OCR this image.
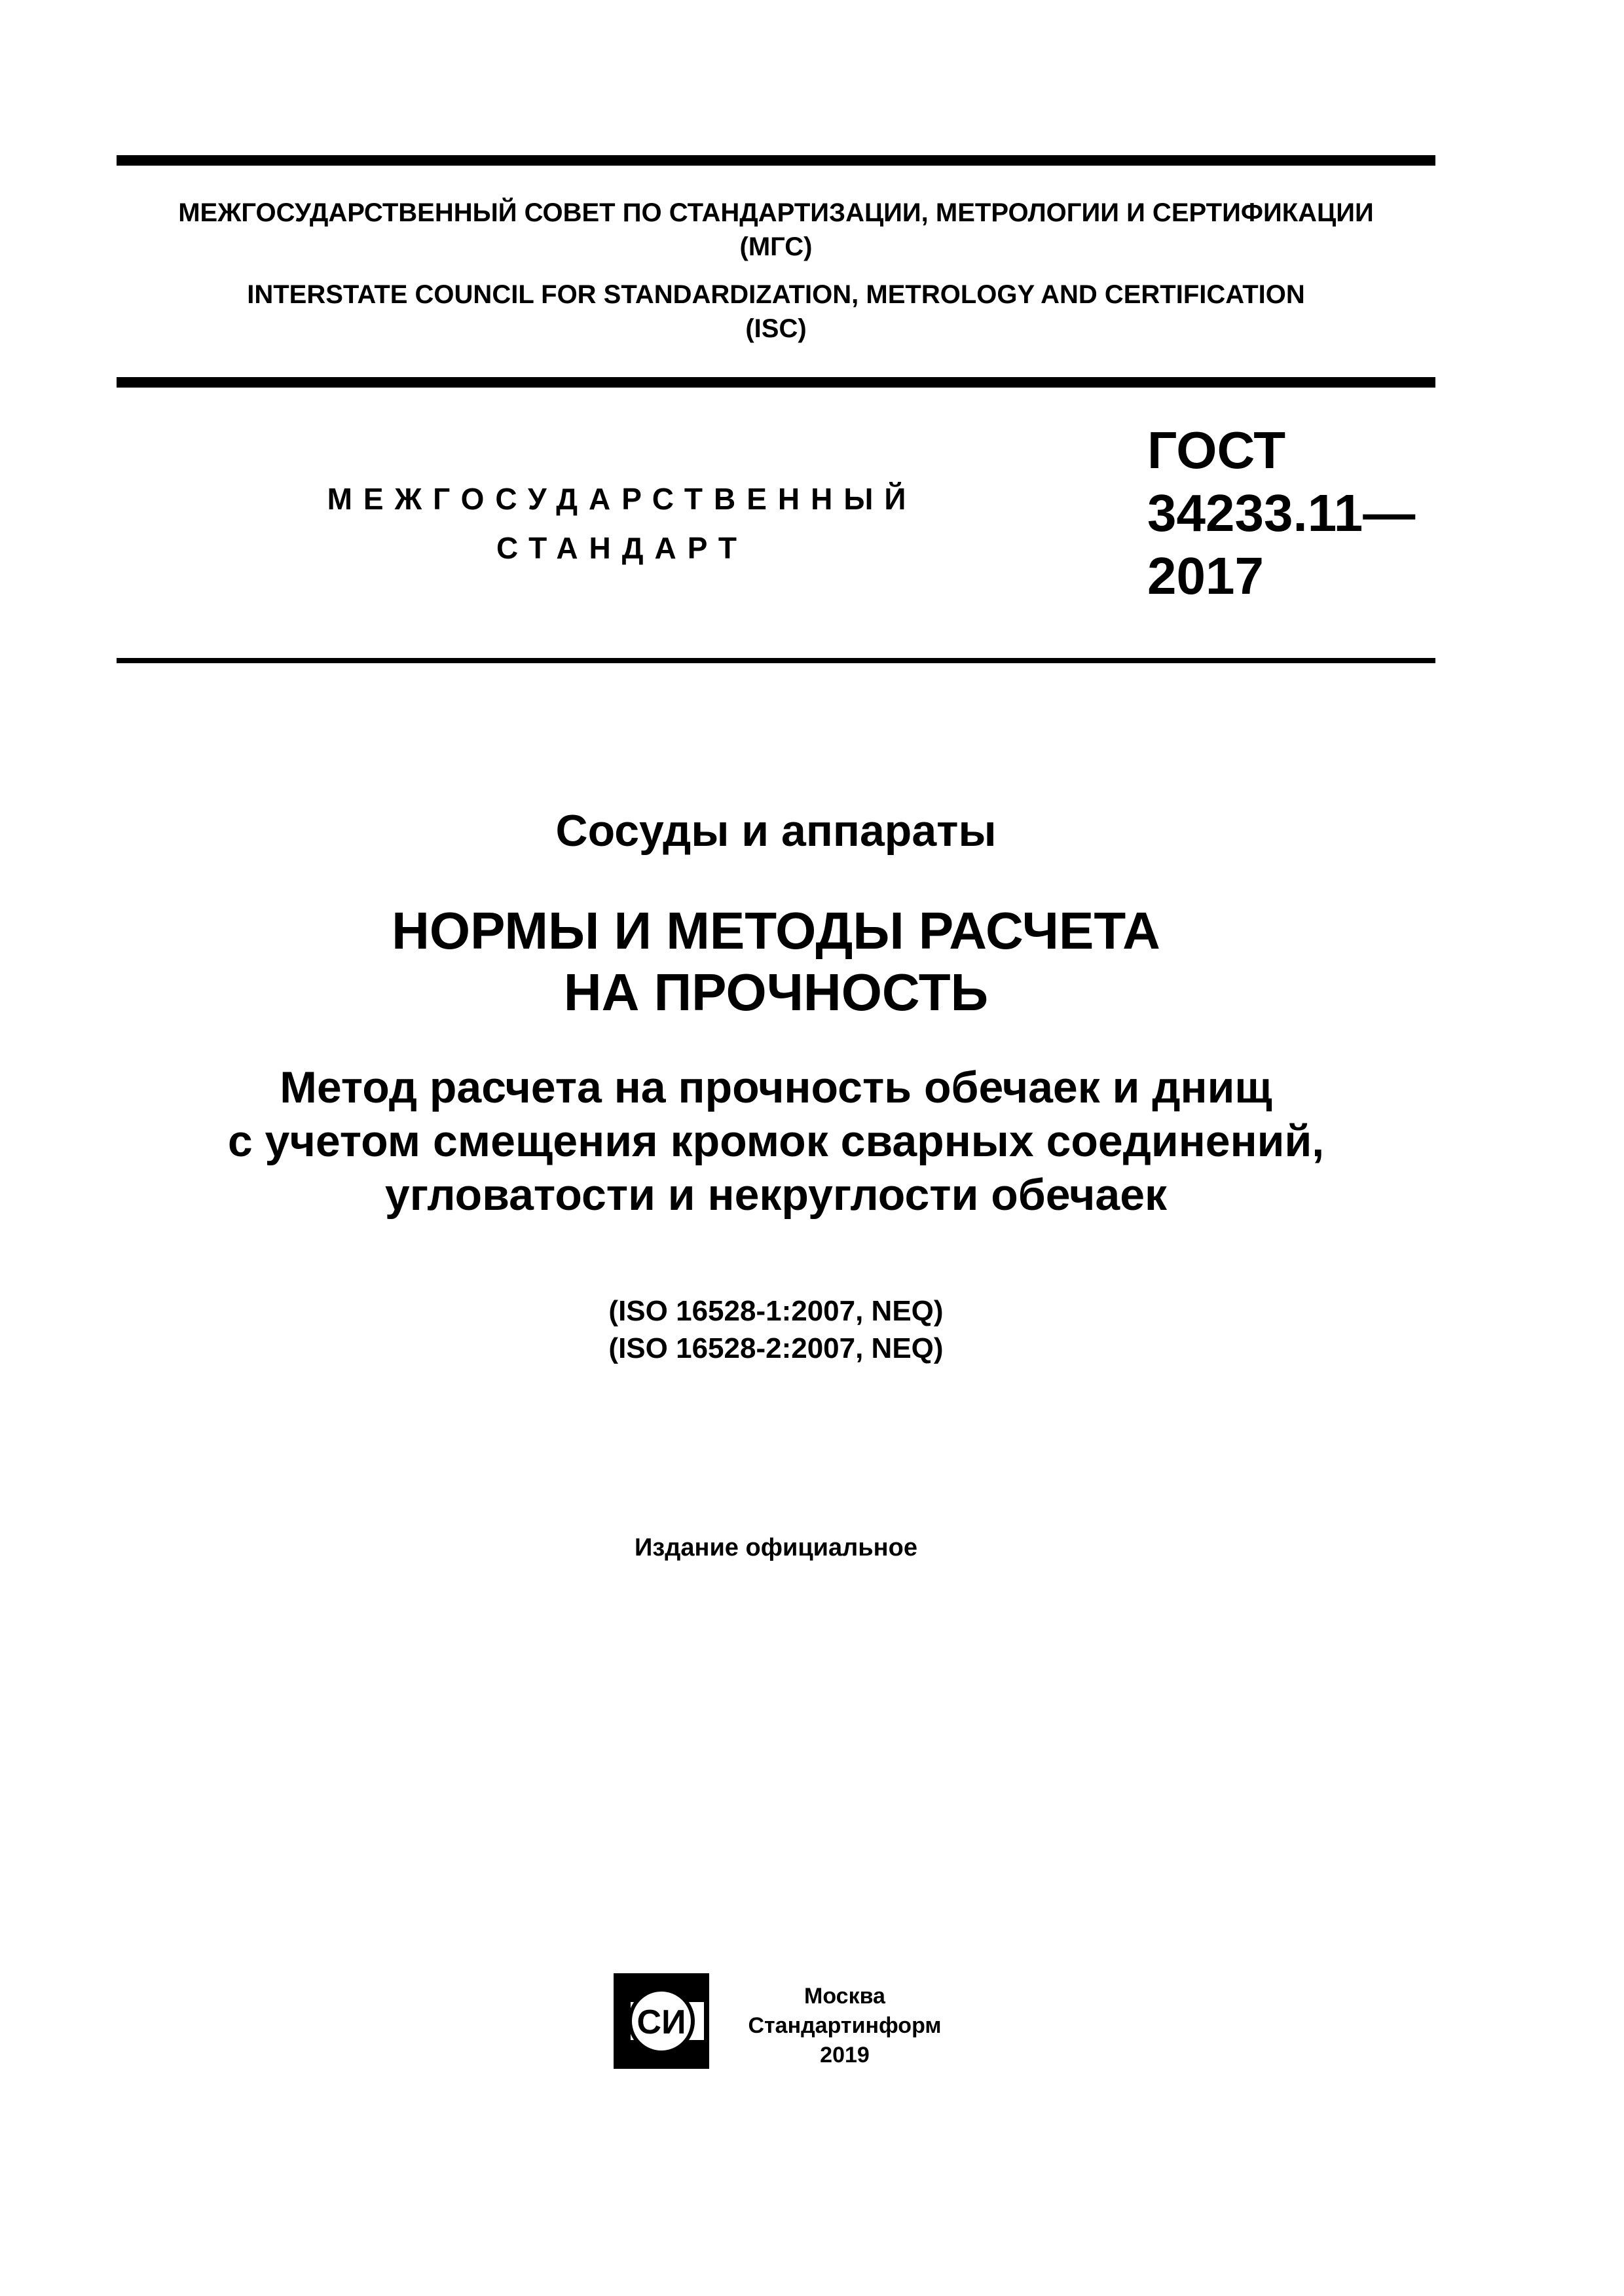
МЕЖГОСУДАРСТВЕННЫЙ СОВЕТ ПО СТАНДАРТИЗАЦИИ, МЕТРОЛОГИИ И СЕРТИФИКАЦИИ
(МГС)
INTERSTATE COUNCIL FOR STANDARDIZATION, METROLOGY AND CERTIFICATION
(ISC)
МЕЖГОСУДАРСТВЕННЫЙ
СТАНДАРТ
ГОСТ
34233.11—
2017
Сосуды и аппараты
НОРМЫ И МЕТОДЫ РАСЧЕТА
НА ПРОЧНОСТЬ
Метод расчета на прочность обечаек и днищ
с учетом смещения кромок сварных соединений,
угловатости и некруглости обечаек
(ISO 16528-1:2007, NEQ)
(ISO 16528-2:2007, NEQ)
Издание официальное
СИ
Москва
Стандартинформ
2019
